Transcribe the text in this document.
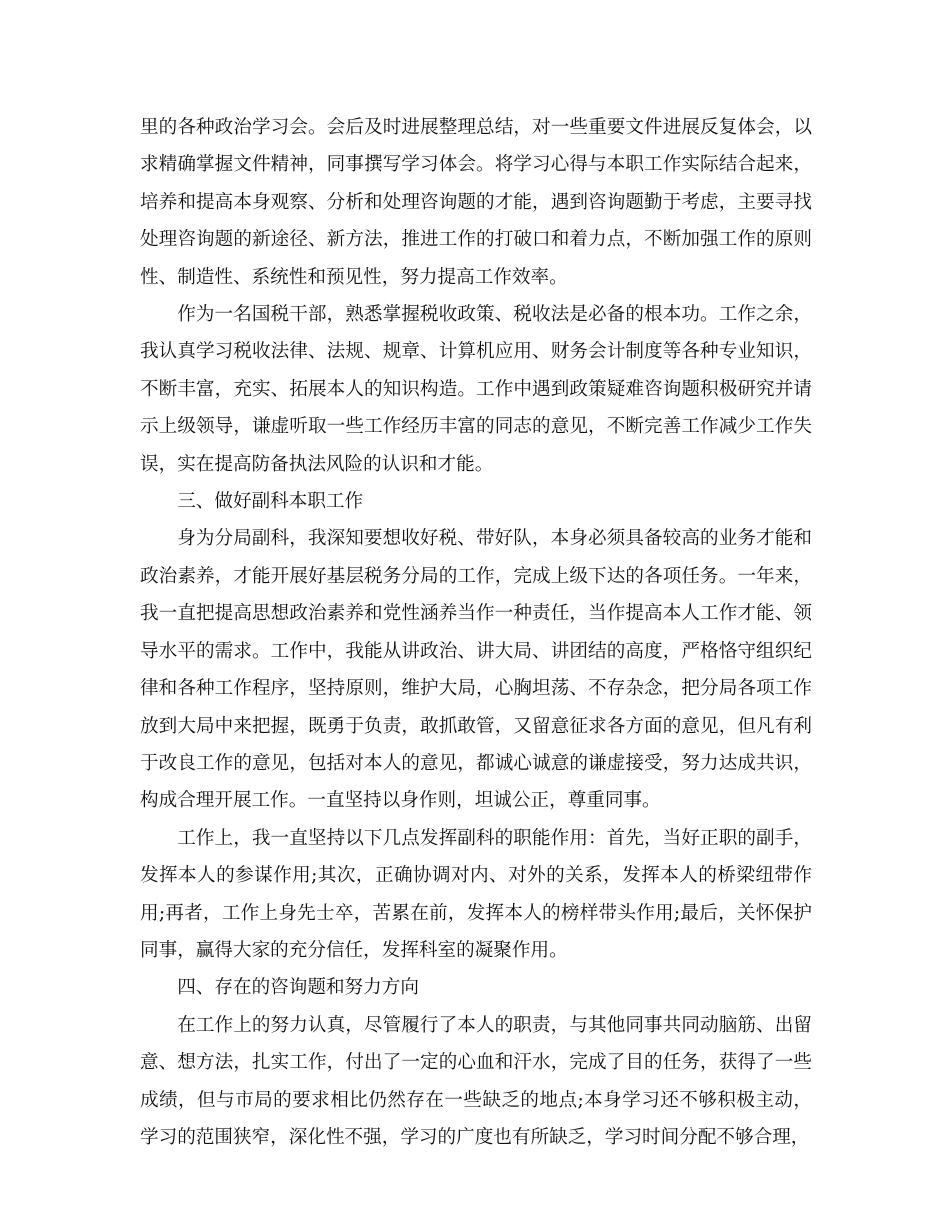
里的各种政治学习会。会后及时进展整理总结，对一些重要文件进展反复体会，以求精确掌握文件精神，同事撰写学习体会。将学习心得与本职工作实际结合起来，培养和提高本身观察、分析和处理咨询题的才能，遇到咨询题勤于考虑，主要寻找处理咨询题的新途径、新方法，推进工作的打破口和着力点，不断加强工作的原则性、制造性、系统性和预见性，努力提高工作效率。

作为一名国税干部，熟悉掌握税收政策、税收法是必备的根本功。工作之余，我认真学习税收法律、法规、规章、计算机应用、财务会计制度等各种专业知识，不断丰富，充实、拓展本人的知识构造。工作中遇到政策疑难咨询题积极研究并请示上级领导，谦虚听取一些工作经历丰富的同志的意见，不断完善工作减少工作失误，实在提高防备执法风险的认识和才能。

三、做好副科本职工作

身为分局副科，我深知要想收好税、带好队，本身必须具备较高的业务才能和政治素养，才能开展好基层税务分局的工作，完成上级下达的各项任务。一年来，我一直把提高思想政治素养和党性涵养当作一种责任，当作提高本人工作才能、领导水平的需求。工作中，我能从讲政治、讲大局、讲团结的高度，严格恪守组织纪律和各种工作程序，坚持原则，维护大局，心胸坦荡、不存杂念，把分局各项工作放到大局中来把握，既勇于负责，敢抓敢管，又留意征求各方面的意见，但凡有利于改良工作的意见，包括对本人的意见，都诚心诚意的谦虚接受，努力达成共识，构成合理开展工作。一直坚持以身作则，坦诚公正，尊重同事。

工作上，我一直坚持以下几点发挥副科的职能作用：首先，当好正职的副手，发挥本人的参谋作用;其次，正确协调对内、对外的关系，发挥本人的桥梁纽带作用;再者，工作上身先士卒，苦累在前，发挥本人的榜样带头作用;最后，关怀保护同事，赢得大家的充分信任，发挥科室的凝聚作用。

四、存在的咨询题和努力方向

在工作上的努力认真，尽管履行了本人的职责，与其他同事共同动脑筋、出留意、想方法，扎实工作，付出了一定的心血和汗水，完成了目的任务，获得了一些成绩，但与市局的要求相比仍然存在一些缺乏的地点;本身学习还不够积极主动，学习的范围狭窄，深化性不强，学习的广度也有所缺乏，学习时间分配不够合理，
